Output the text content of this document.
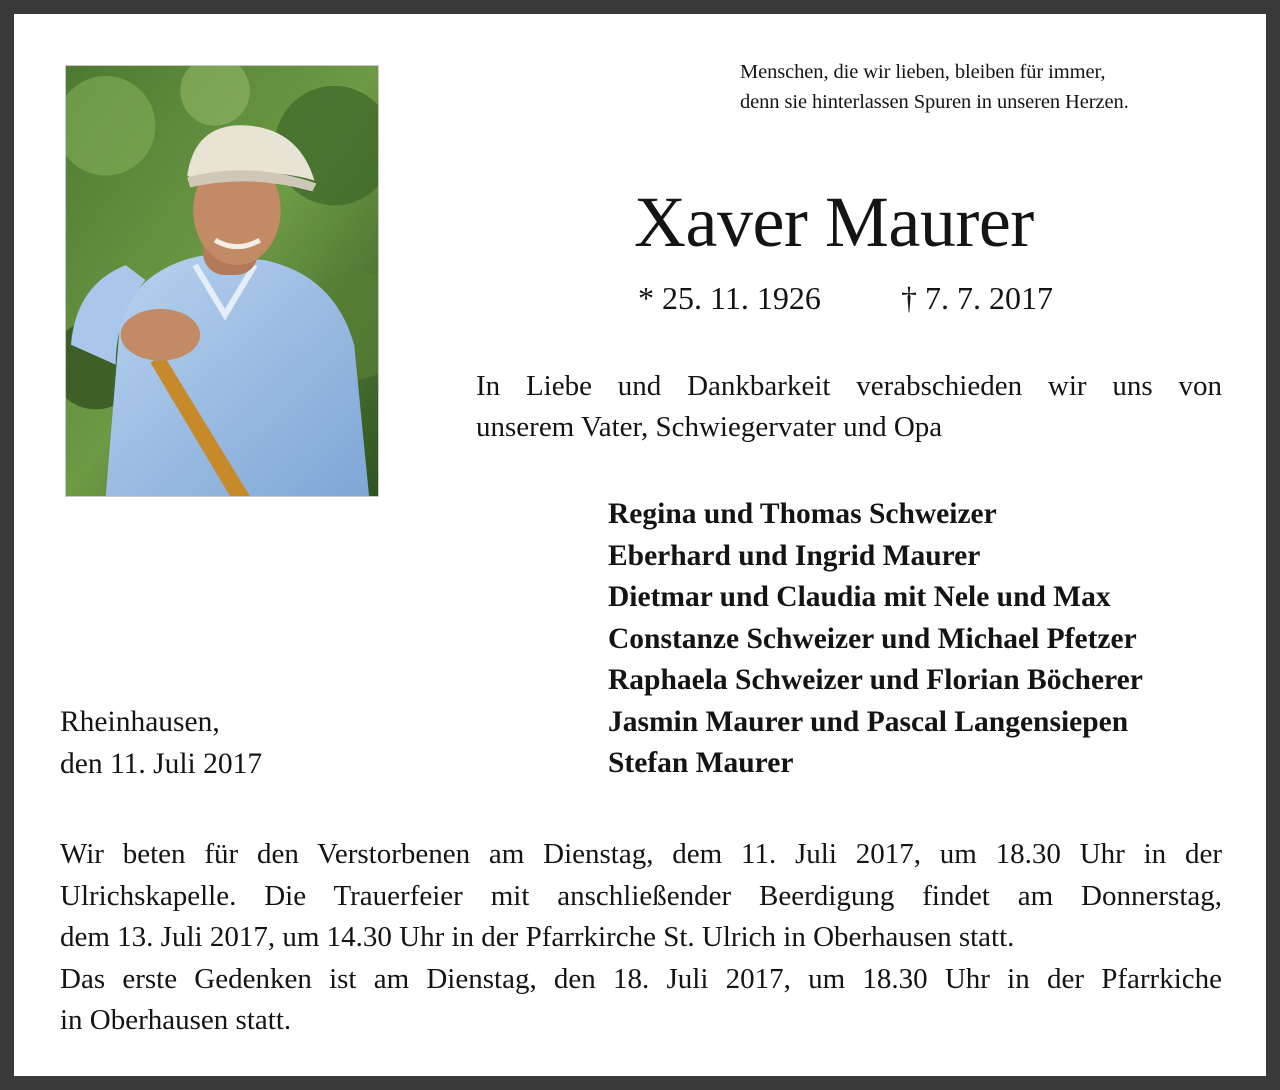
Menschen, die wir lieben, bleiben für immer,
denn sie hinterlassen Spuren in unseren Herzen.
Xaver Maurer
* 25. 11. 1926	† 7. 7. 2017
In Liebe und Dankbarkeit verabschieden wir uns von
unserem Vater, Schwiegervater und Opa
Regina und Thomas Schweizer
Eberhard und Ingrid Maurer
Dietmar und Claudia mit Nele und Max
Constanze Schweizer und Michael Pfetzer
Raphaela Schweizer und Florian Böcherer
Jasmin Maurer und Pascal Langensiepen
Stefan Maurer
Rheinhausen,
den 11. Juli 2017
Wir beten für den Verstorbenen am Dienstag, dem 11. Juli 2017, um 18.30 Uhr in der
Ulrichskapelle. Die Trauerfeier mit anschließender Beerdigung findet am Donnerstag,
dem 13. Juli 2017, um 14.30 Uhr in der Pfarrkirche St. Ulrich in Oberhausen statt.
Das erste Gedenken ist am Dienstag, den 18. Juli 2017, um 18.30 Uhr in der Pfarrkiche
in Oberhausen statt.
